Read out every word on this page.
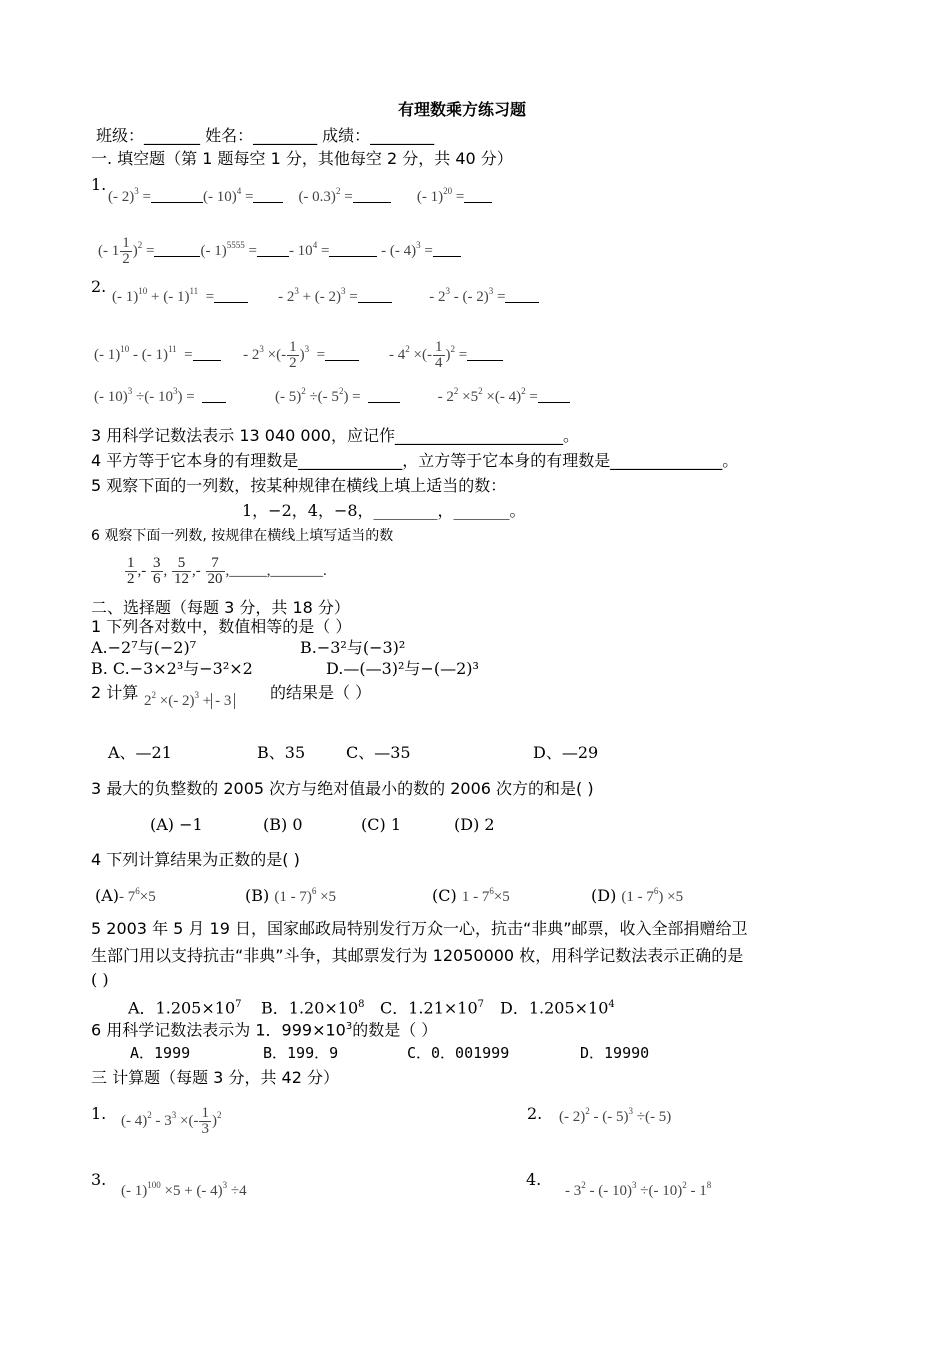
有理数乘方练习题
班级：_______ 姓名：________ 成绩：________
一. 填空题（第 1 题每空 1 分，其他每空 2 分，共 40 分）
1.
(- 2)$^3$ =	(- 10)$^4$ =	(- 0.3)$^2$ =	(- 1)$^{20}$ =
(- $1 \frac{1}{2} )^2$ =	(- 1)$^{5555}$ = - $10^4$ =	- (- 4)$^3$ =
2.
(- 1)$^{10}$ + (- 1)$^{11}$ =	- $2^3$ + (- 2)$^3$ =	- $2^3$ - (- 2)$^3$ =
(- 1)$^{10}$ - (- 1)$^{11}$ =	- $2^3$ ×(- $\frac{1}{2} )^3$ =	- $4^2$ ×(- $\frac{1}{4} )^2$ =
(- 10)$^3$ ÷(- $10^3$) =	(- 5)$^2$ ÷(- $5^2$) =	- $2^2 \times 5^2$ ×(- 4)$^2$ =
3 用科学记数法表示 13 040 000，应记作_____________________。
4 平方等于它本身的有理数是_____________，立方等于它本身的有理数是______________。
5 观察下面的一列数，按某种规律在横线上填上适当的数：
1，−2，4，−8，________，_______。
6 观察下面一列数, 按规律在横线上填写适当的数
$\frac{1}{2}$ ,- $\frac{3}{6}$ , $\frac{5}{12}$ ,- $\frac{7}{20}$ ,_____,_______.
二、选择题（每题 3 分，共 18 分）
1 下列各对数中，数值相等的是（ ）
A.−2⁷与(−2)⁷	B.−3²与(−3)²
B. C.−3×2³与−3²×2	D.—(—3)²与−(—2)³
2 计算 $2^2$ ×(- 2)$^3$ + - 3 的结果是（ ）
A、—21	B、35	C、—35	D、—29
3 最大的负整数的 2005 次方与绝对值最小的数的 2006 次方的和是( )
(A) −1	(B) 0	(C) 1	(D) 2
4 下列计算结果为正数的是( )
(A)- $7^6\times 5$	(B) (1 - 7)$^6$ ×5	(C) $1 - 7^6\times 5$	(D) $(1 - 7^6) \times 5$
5 2003 年 5 月 19 日，国家邮政局特别发行万众一心，抗击“非典”邮票，收入全部捐赠给卫
生部门用以支持抗击“非典”斗争，其邮票发行为 12050000 枚，用科学记数法表示正确的是
( )
A．$1.205\times 10^7$ B．$1.20\times 10^8$ C．$1.21\times 10^7$ D．$1.205\times 10^4$
6 用科学记数法表示为 1．$999\times 10^3$的数是（ ）
A．1999	B．199．9	C．0．001999	D．19990
三 计算题（每题 3 分，共 42 分）
1. (- $4)^2 - 3^3$ ×(- $\frac{1}{3} )^2$	2. (- 2)$^2$ - (- 5)$^3$ ÷(- 5)
3.
(- 1)$^{100}$ ×5 + (- 4)$^3$ ÷4
4.
- $3^2$ - (- 10)$^3$ ÷(- $10)^2 - 1^8$
